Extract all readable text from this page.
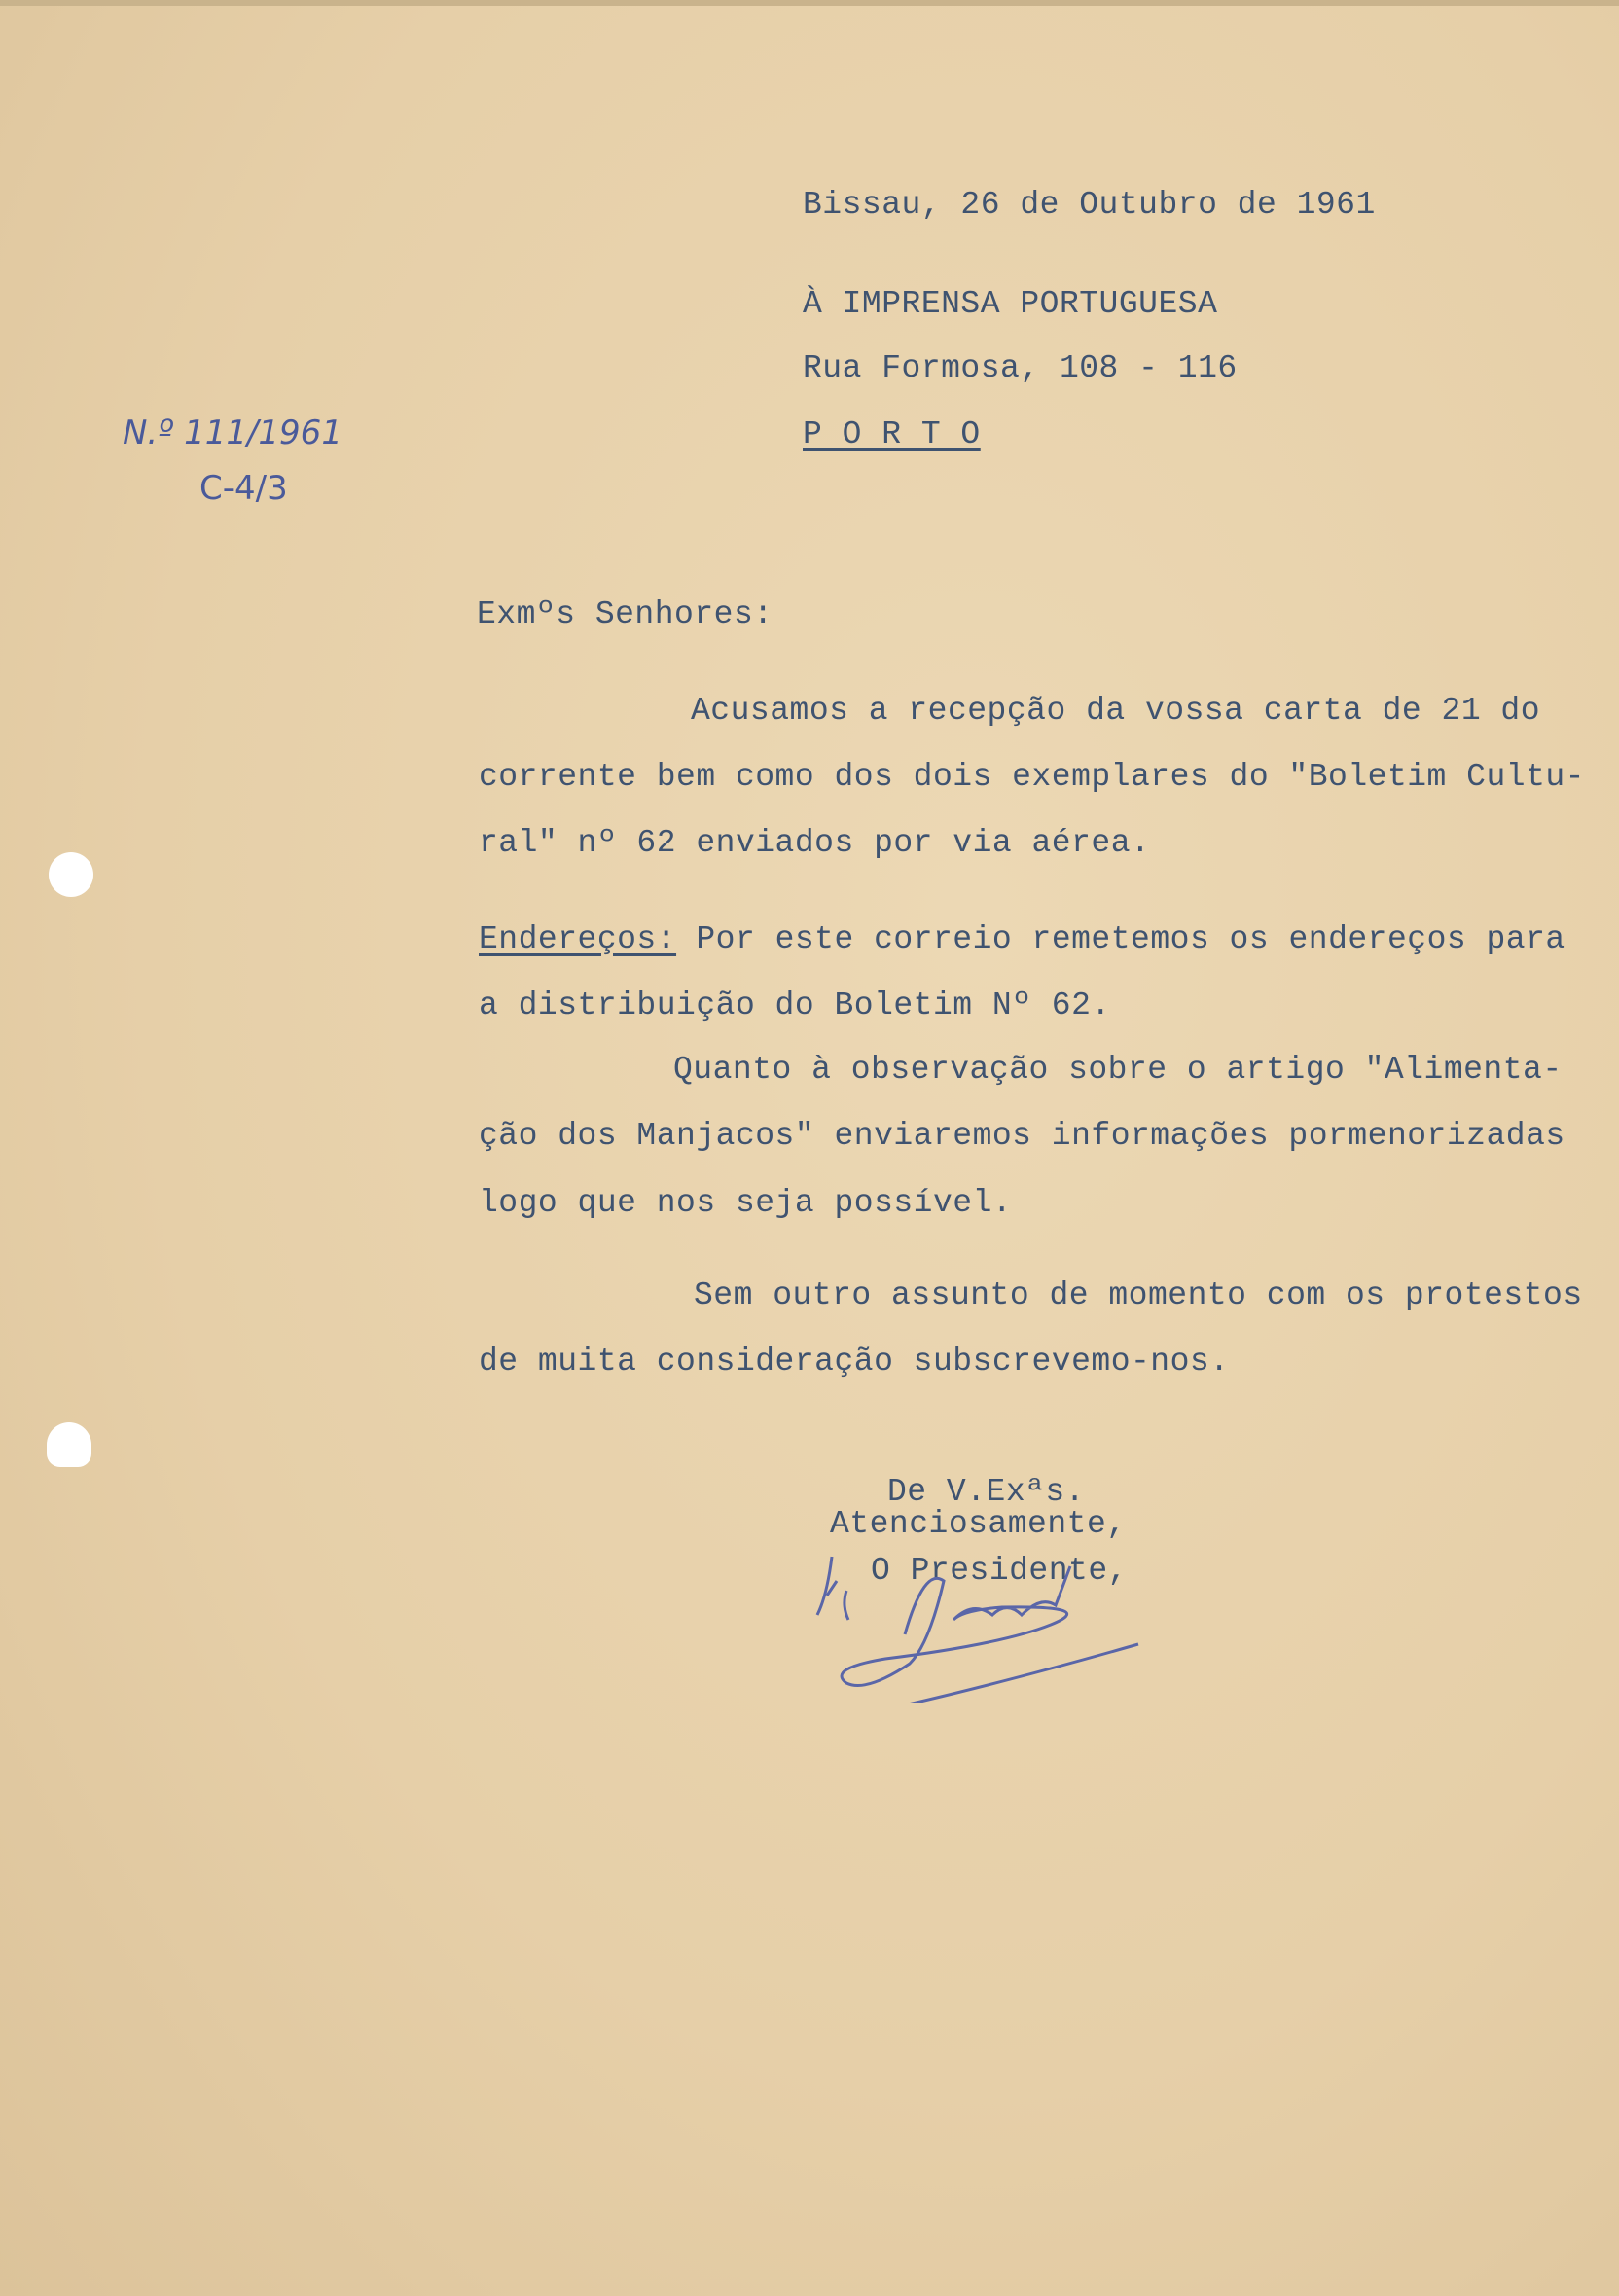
Bissau, 26 de Outubro de 1961
À IMPRENSA PORTUGUESA
Rua Formosa, 108 - 116
P O R T O
N.º 111/1961
C-4/3
Exmºs Senhores:
Acusamos a recepção da vossa carta de 21 do
corrente bem como dos dois exemplares do "Boletim Cultu-
ral" nº 62 enviados por via aérea.
Endereços: Por este correio remetemos os endereços para
a distribuição do Boletim Nº 62.
Quanto à observação sobre o artigo "Alimenta-
ção dos Manjacos" enviaremos informações pormenorizadas
logo que nos seja possível.
Sem outro assunto de momento com os protestos
de muita consideração subscrevemo-nos.
De V.Exªs.
Atenciosamente,
O Presidente,
